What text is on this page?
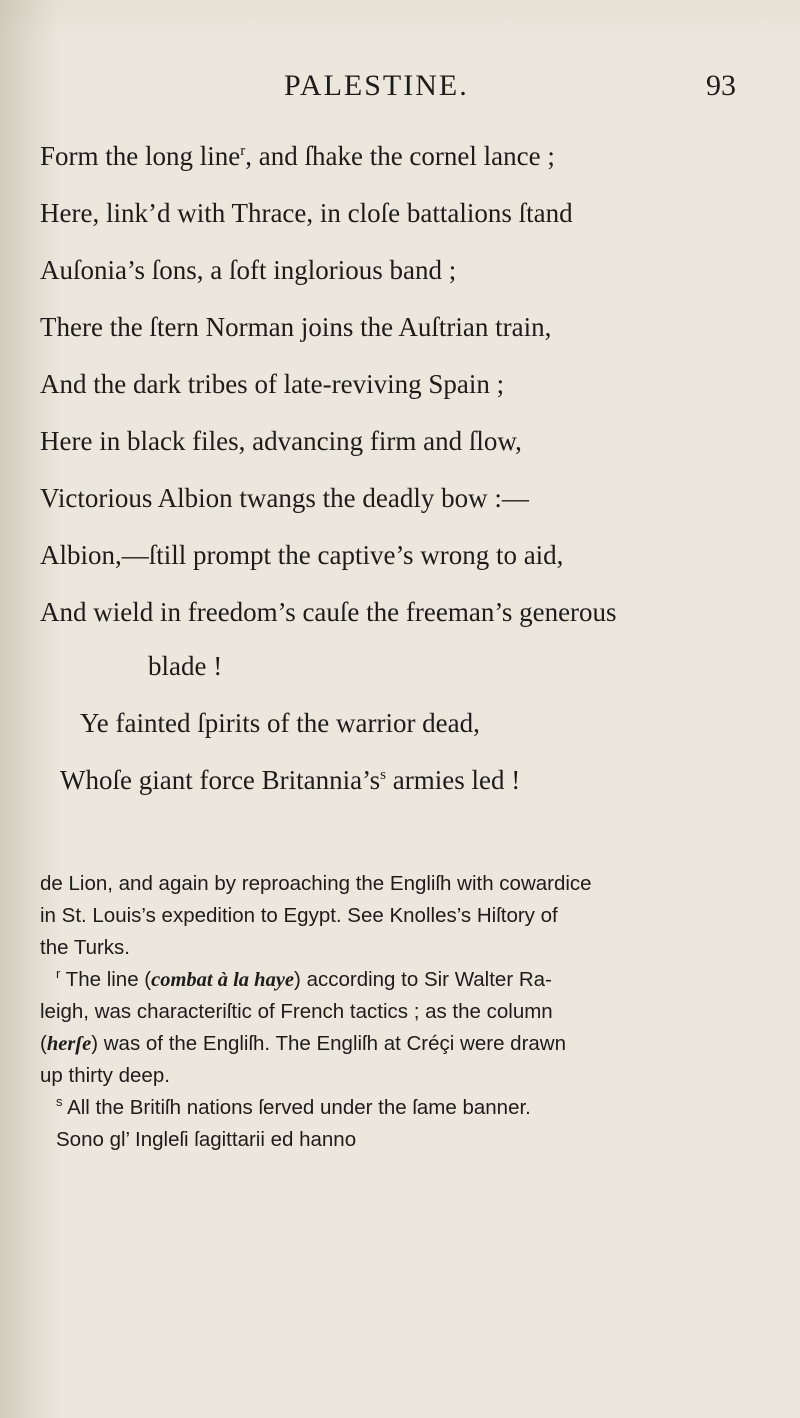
PALESTINE.	93
Form the long line$^r$, and ſhake the cornel lance ;
Here, link’d with Thrace, in cloſe battalions ſtand
Auſonia’s ſons, a ſoft inglorious band ;
There the ſtern Norman joins the Auſtrian train,
And the dark tribes of late-reviving Spain ;
Here in black files, advancing firm and ſlow,
Victorious Albion twangs the deadly bow :—
Albion,—ſtill prompt the captive’s wrong to aid,
And wield in freedom’s cauſe the freeman’s generous
blade !
Ye fainted ſpirits of the warrior dead,
Whoſe giant force Britannia’s$^s$ armies led !
de Lion, and again by reproaching the Engliſh with cowardice
in St. Louis’s expedition to Egypt. See Knolles’s Hiſtory of
the Turks.
$^r$ The line (combat à la haye) according to Sir Walter Ra-
leigh, was characteriſtic of French tactics ; as the column
(herſe) was of the Engliſh. The Engliſh at Créçi were drawn
up thirty deep.
$^s$ All the Britiſh nations ſerved under the ſame banner.
Sono gl’ Ingleſi ſagittarii ed hanno
